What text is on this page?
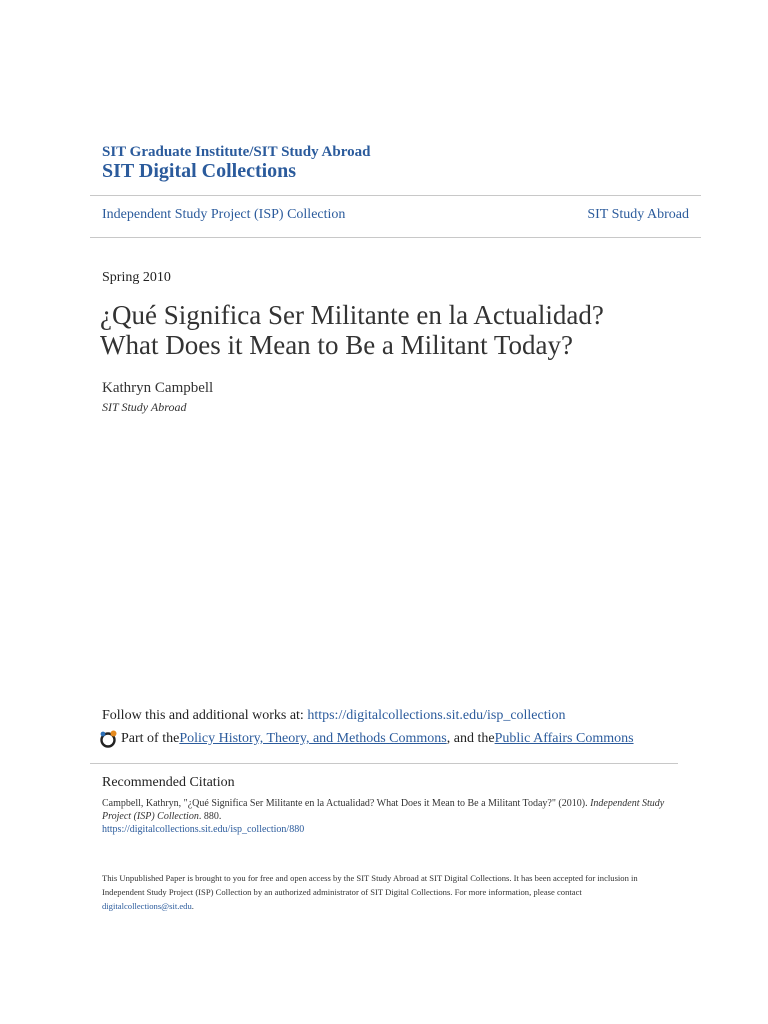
SIT Graduate Institute/SIT Study Abroad
SIT Digital Collections
Independent Study Project (ISP) Collection	SIT Study Abroad
Spring 2010
¿Qué Significa Ser Militante en la Actualidad?
What Does it Mean to Be a Militant Today?
Kathryn Campbell
SIT Study Abroad
Follow this and additional works at: https://digitalcollections.sit.edu/isp_collection
Part of the Policy History, Theory, and Methods Commons , and the Public Affairs Commons
Recommended Citation
Campbell, Kathryn, "¿Qué Significa Ser Militante en la Actualidad? What Does it Mean to Be a Militant Today?" (2010). Independent Study Project (ISP) Collection. 880.
https://digitalcollections.sit.edu/isp_collection/880
This Unpublished Paper is brought to you for free and open access by the SIT Study Abroad at SIT Digital Collections. It has been accepted for inclusion in Independent Study Project (ISP) Collection by an authorized administrator of SIT Digital Collections. For more information, please contact digitalcollections@sit.edu.
